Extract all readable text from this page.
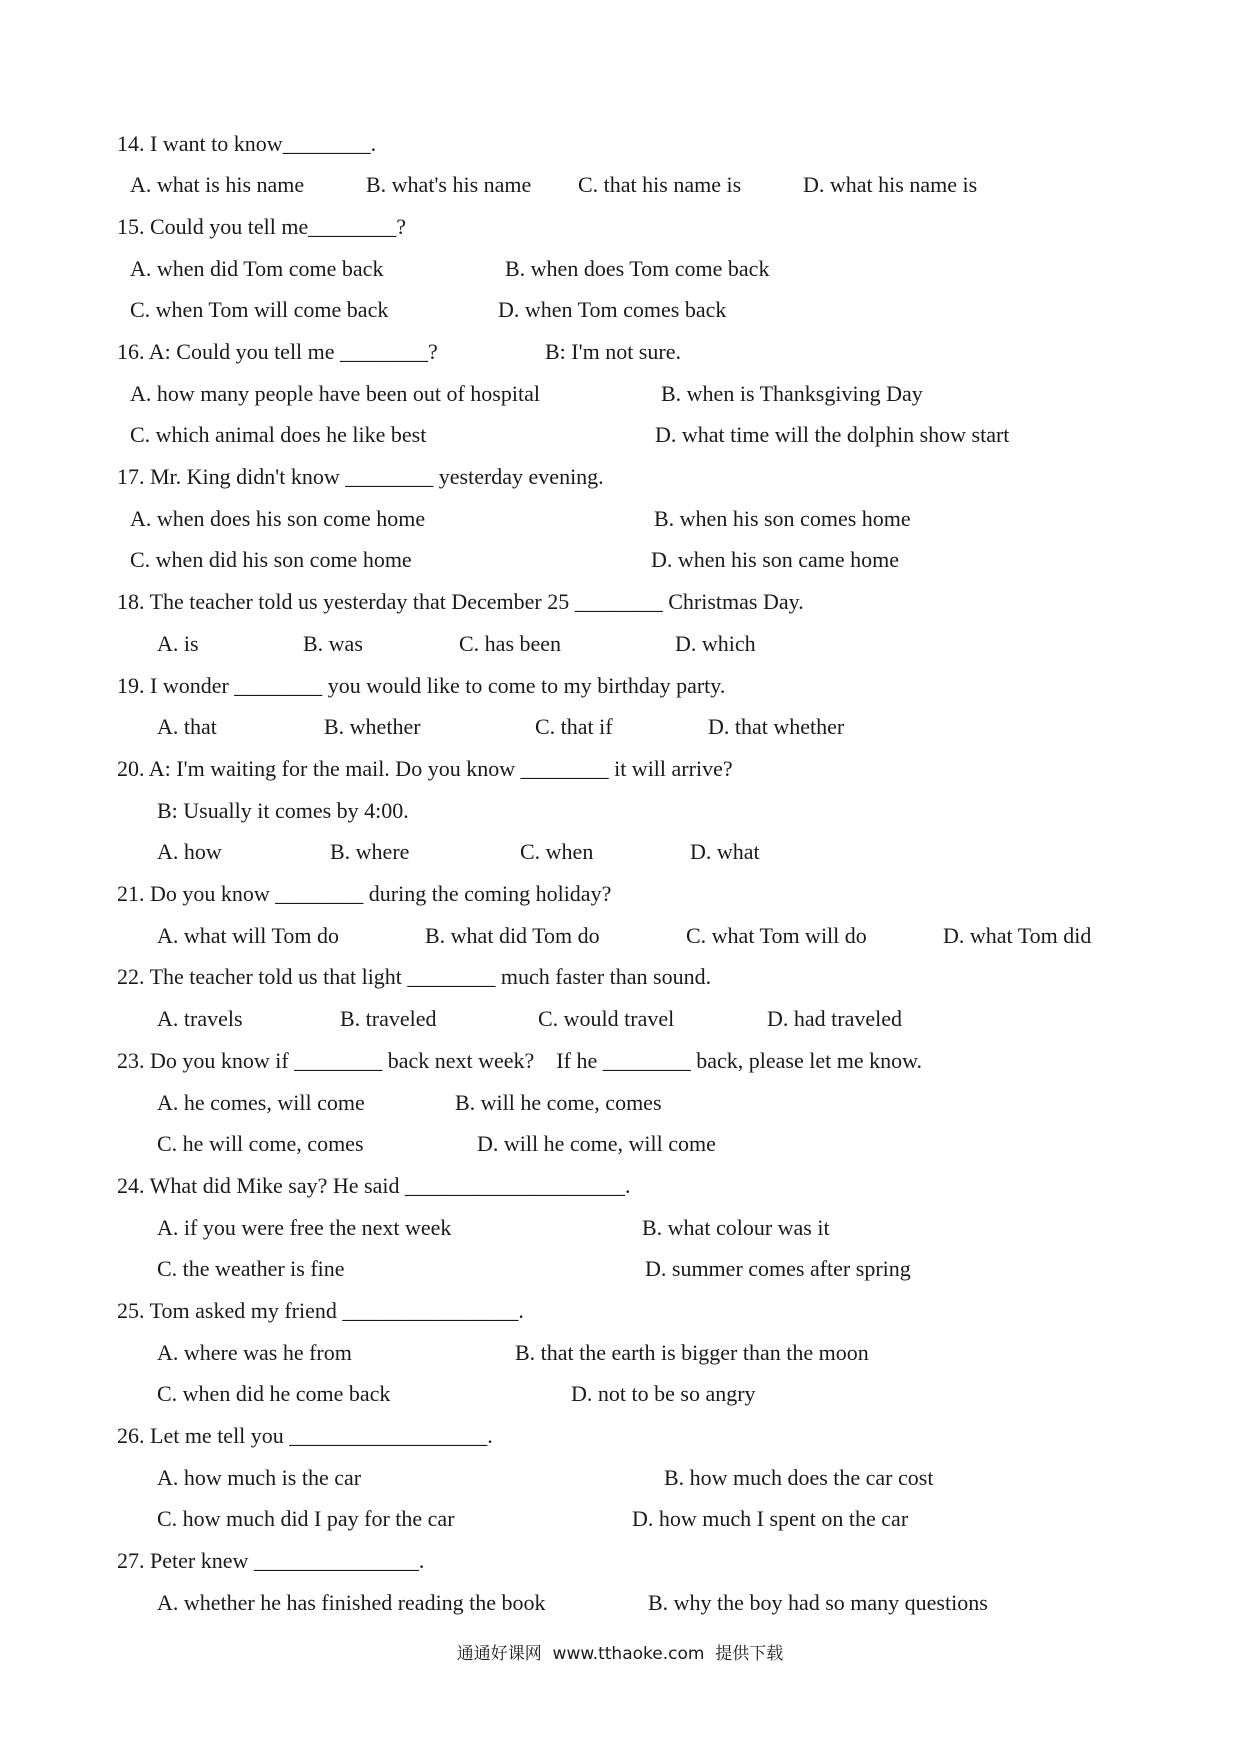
14. I want to know________.
A. what is his name	B. what's his name C. that his name is	D. what his name is
15. Could you tell me________?
A. when did Tom come back	B. when does Tom come back
C. when Tom will come back	D. when Tom comes back
16. A: Could you tell me ________?	B: I'm not sure.
A. how many people have been out of hospital	B. when is Thanksgiving Day
C. which animal does he like best	D. what time will the dolphin show start
17. Mr. King didn't know ________ yesterday evening.
A. when does his son come home	B. when his son comes home
C. when did his son come home	D. when his son came home
18. The teacher told us yesterday that December 25 ________ Christmas Day.
A. is	B. was	C. has been	D. which
19. I wonder ________ you would like to come to my birthday party.
A. that	B. whether	C. that if	D. that whether
20. A: I'm waiting for the mail. Do you know ________ it will arrive?
B: Usually it comes by 4:00.
A. how	B. where	C. when	D. what
21. Do you know ________ during the coming holiday?
A. what will Tom do	B. what did Tom do	C. what Tom will do	D. what Tom did
22. The teacher told us that light ________ much faster than sound.
A. travels	B. traveled	C. would travel	D. had traveled
23. Do you know if ________ back next week?    If he ________ back, please let me know.
A. he comes, will come	B. will he come, comes
C. he will come, comes	D. will he come, will come
24. What did Mike say? He said ____________________.
A. if you were free the next week	B. what colour was it
C. the weather is fine	D. summer comes after spring
25. Tom asked my friend ________________.
A. where was he from	B. that the earth is bigger than the moon
C. when did he come back	D. not to be so angry
26. Let me tell you __________________.
A. how much is the car	B. how much does the car cost
C. how much did I pay for the car	D. how much I spent on the car
27. Peter knew _______________.
A. whether he has finished reading the book	B. why the boy had so many questions
通通好课网  www.tthaoke.com  提供下载
